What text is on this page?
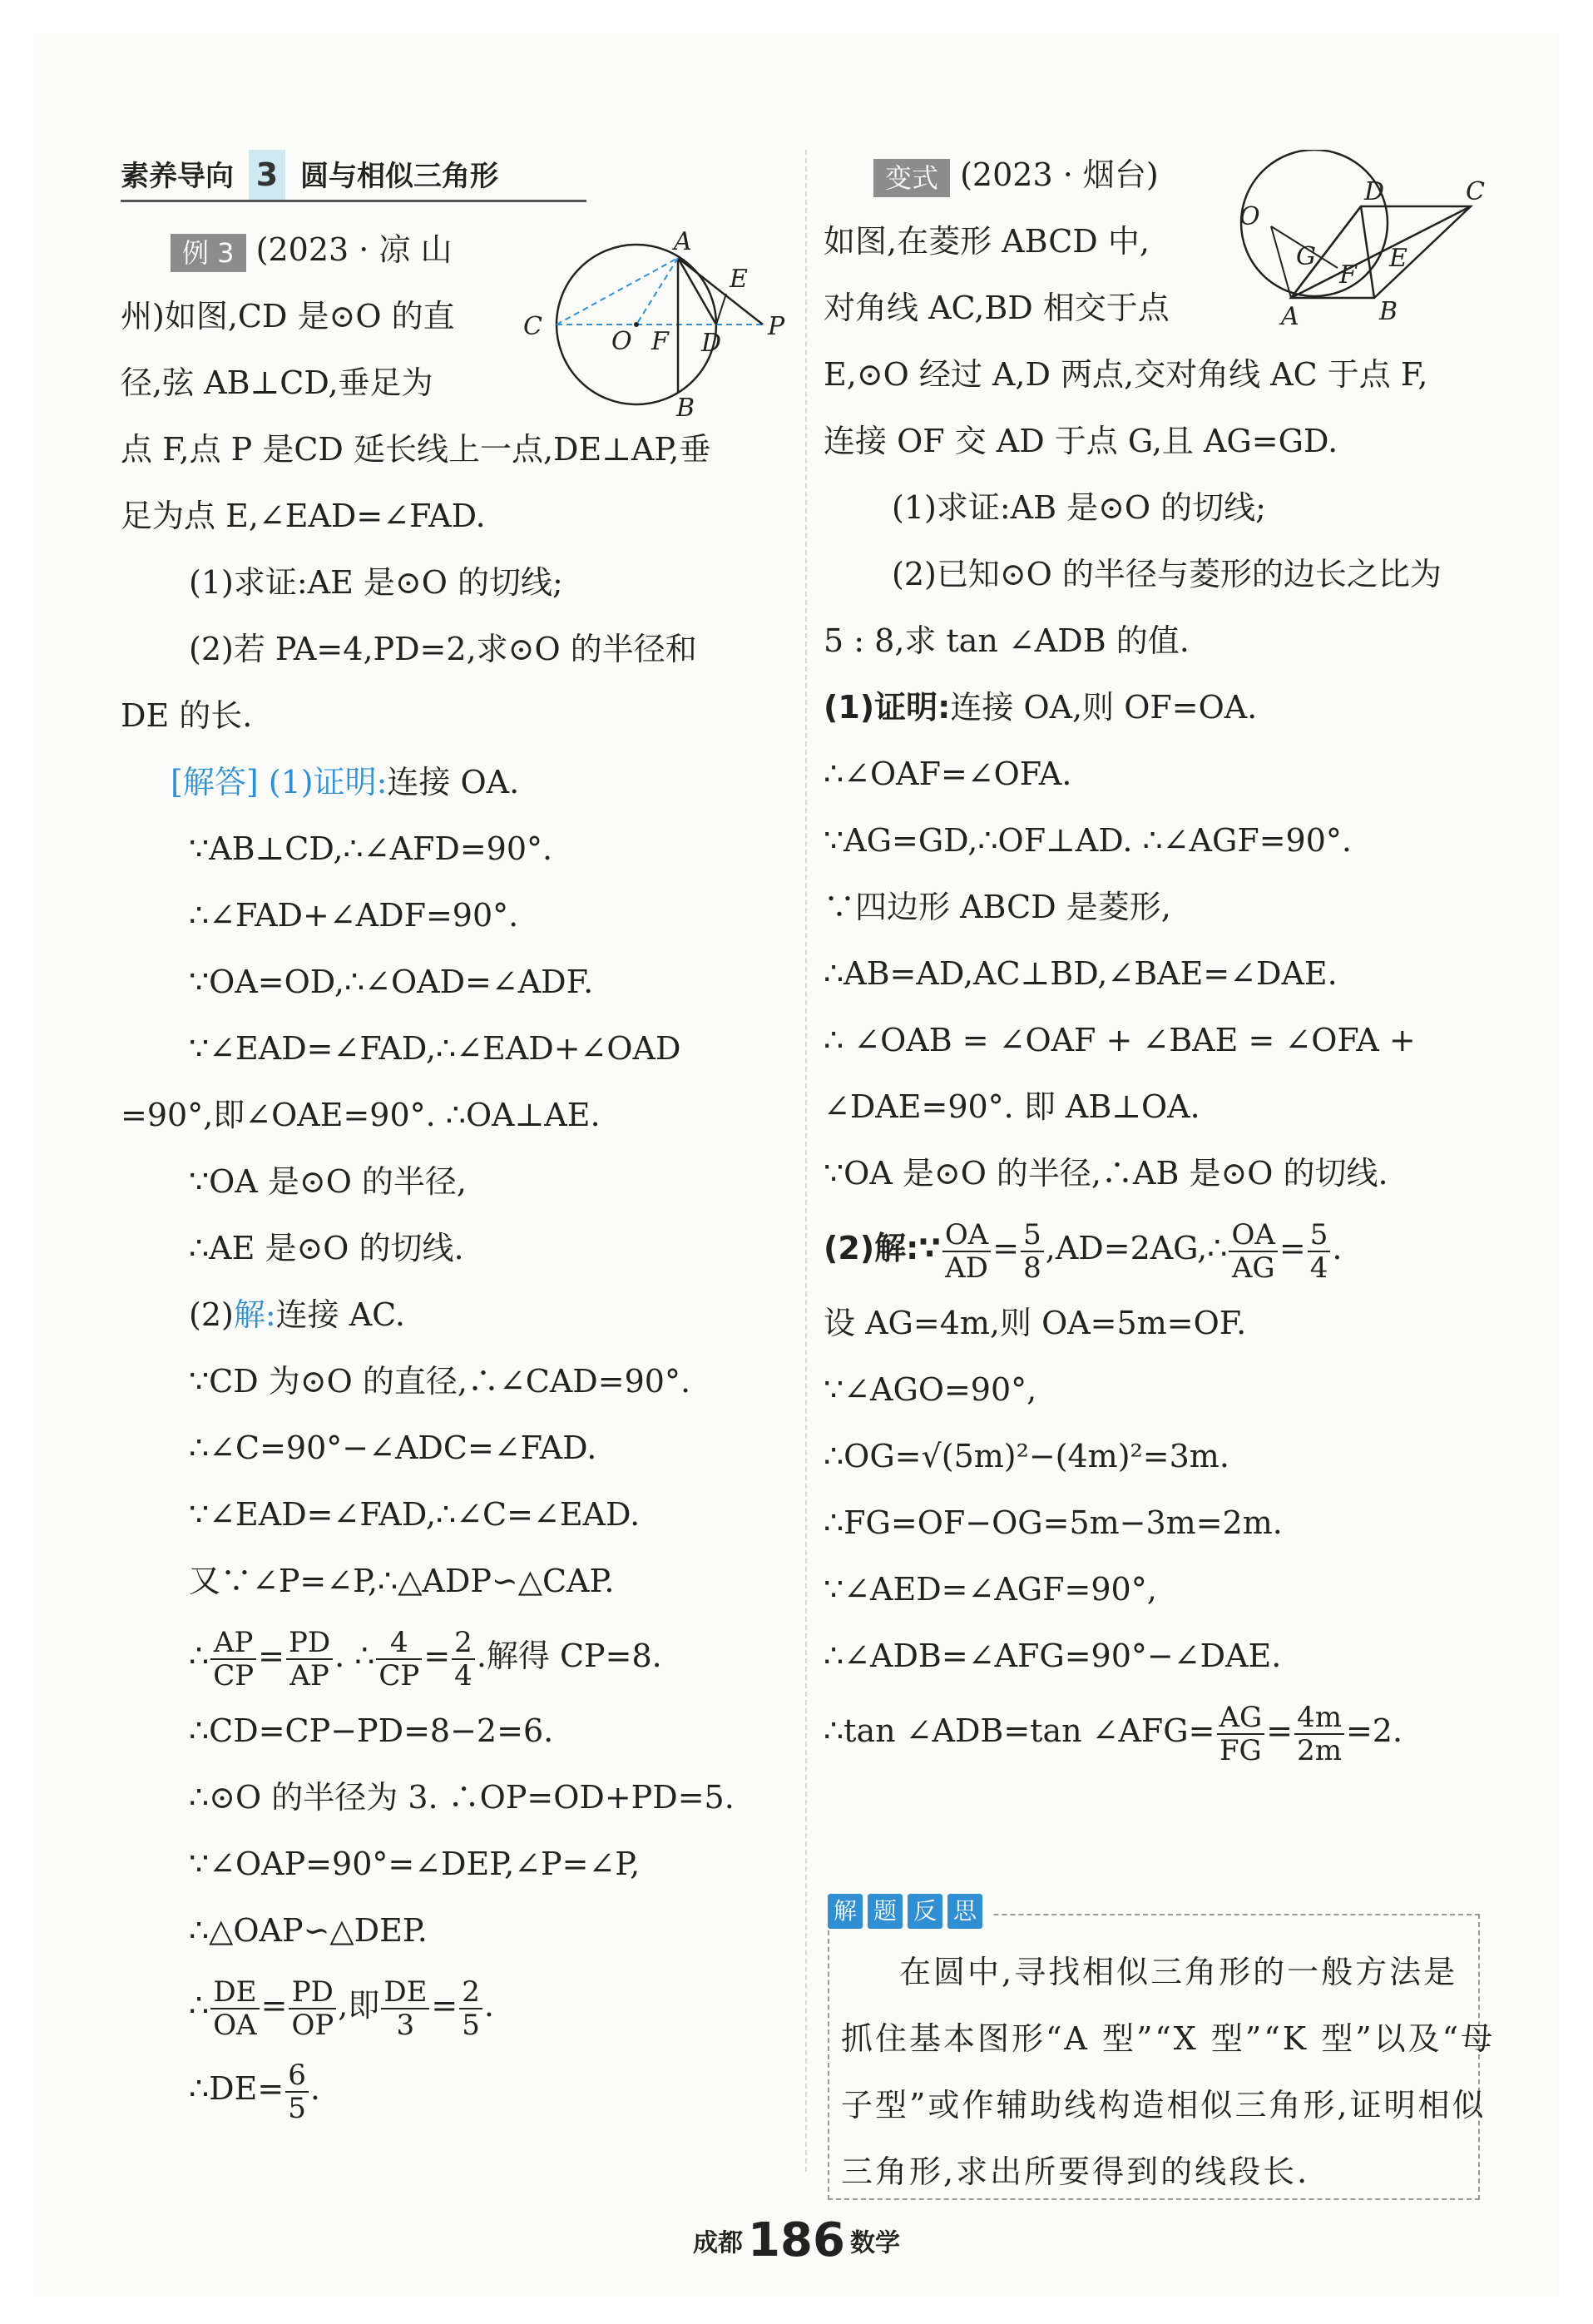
素养导向 3 圆与相似三角形
A
E
C
O F D
P
B
O
D	C
G
F
E
A	B
例 3 (2023 · 凉 山
州)如图,CD 是⊙O 的直
径,弦 AB⊥CD,垂足为
点 F,点 P 是CD 延长线上一点,DE⊥AP,垂
足为点 E,∠EAD=∠FAD.
(1)求证:AE 是⊙O 的切线;
(2)若 PA=4,PD=2,求⊙O 的半径和
DE 的长.
[解答] (1)证明:连接 OA.
∵AB⊥CD,∴∠AFD=90°.
∴∠FAD+∠ADF=90°.
∵OA=OD,∴∠OAD=∠ADF.
∵∠EAD=∠FAD,∴∠EAD+∠OAD
=90°,即∠OAE=90°. ∴OA⊥AE.
∵OA 是⊙O 的半径,
∴AE 是⊙O 的切线.
(2)解:连接 AC.
∵CD 为⊙O 的直径,∴∠CAD=90°.
∴∠C=90°−∠ADC=∠FAD.
∵∠EAD=∠FAD,∴∠C=∠EAD.
又∵∠P=∠P,∴△ADP∽△CAP.
∴ $\frac{AP}{CP} = \frac{PD}{AP}$ . ∴ $\frac{4}{CP} = \frac{2}{4}$ .解得 CP=8.
∴CD=CP−PD=8−2=6.
∴⊙O 的半径为 3. ∴OP=OD+PD=5.
∵∠OAP=90°=∠DEP,∠P=∠P,
∴△OAP∽△DEP.
∴ $\frac{DE}{OA} = \frac{PD}{OP}$ ,即 $\frac{DE}{3} = \frac{2}{5}$ .
∴DE= $\frac{6}{5}$ .
变式 (2023 · 烟台)
如图,在菱形 ABCD 中,
对角线 AC,BD 相交于点
E,⊙O 经过 A,D 两点,交对角线 AC 于点 F,
连接 OF 交 AD 于点 G,且 AG=GD.
(1)求证:AB 是⊙O 的切线;
(2)已知⊙O 的半径与菱形的边长之比为
5 : 8,求 tan ∠ADB 的值.
(1)证明:连接 OA,则 OF=OA.
∴∠OAF=∠OFA.
∵AG=GD,∴OF⊥AD. ∴∠AGF=90°.
∵四边形 ABCD 是菱形,
∴AB=AD,AC⊥BD,∠BAE=∠DAE.
∴ ∠OAB = ∠OAF + ∠BAE = ∠OFA +
∠DAE=90°. 即 AB⊥OA.
∵OA 是⊙O 的半径,∴AB 是⊙O 的切线.
(2)解:∵ $\frac{OA}{AD} = \frac{5}{8}$ ,AD=2AG,∴ $\frac{OA}{AG} = \frac{5}{4}$ .
设 AG=4m,则 OA=5m=OF.
∵∠AGO=90°,
∴OG=√(5m)²−(4m)²=3m.
∴FG=OF−OG=5m−3m=2m.
∵∠AED=∠AGF=90°,
∴∠ADB=∠AFG=90°−∠DAE.
∴tan ∠ADB=tan ∠AFG= $\frac{AG}{FG} = \frac{4m}{2m} =2$.
解 题 反 思
在圆中,寻找相似三角形的一般方法是
抓住基本图形“A 型”“X 型”“K 型”以及“母
子型”或作辅助线构造相似三角形,证明相似
三角形,求出所要得到的线段长.
成都 186 数学
